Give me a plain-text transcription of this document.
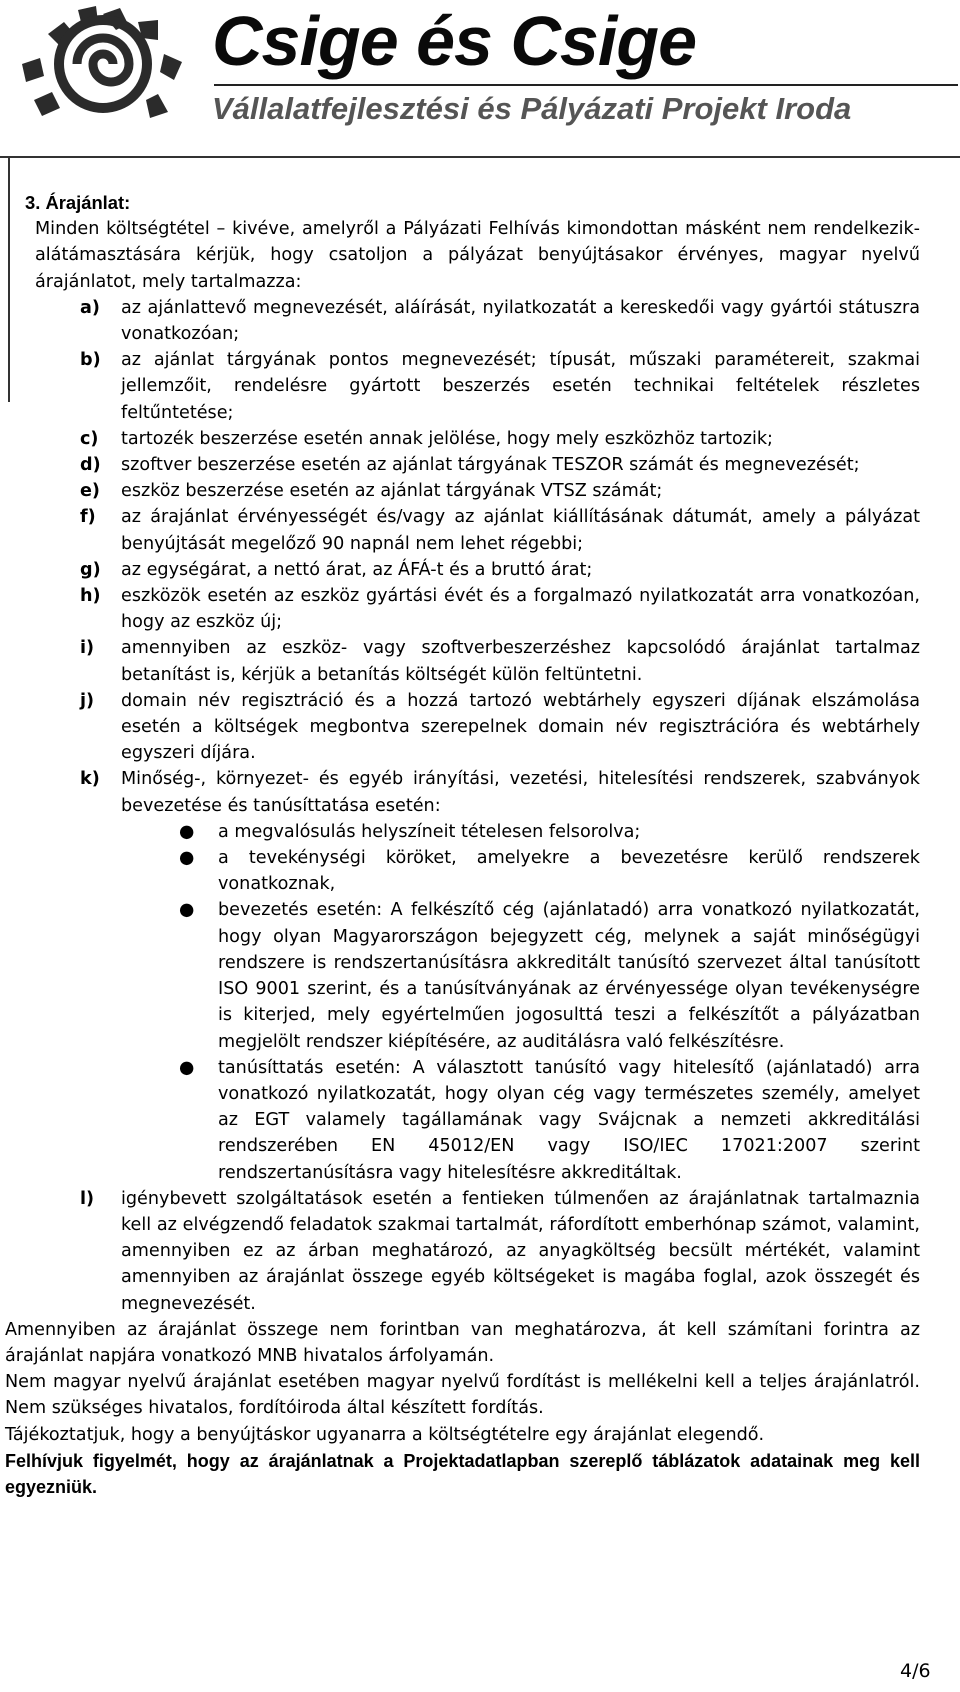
Csige és Csige
Vállalatfejlesztési és Pályázati Projekt Iroda
3. Árajánlat:

Minden költségtétel – kivéve, amelyről a Pályázati Felhívás kimondottan másként nem rendelkezik- alátámasztására kérjük, hogy csatoljon a pályázat benyújtásakor érvényes, magyar nyelvű árajánlatot, mely tartalmazza:

a) az ajánlattevő megnevezését, aláírását, nyilatkozatát a kereskedői vagy gyártói státuszra vonatkozóan;
b) az ajánlat tárgyának pontos megnevezését; típusát, műszaki paramétereit, szakmai jellemzőit, rendelésre gyártott beszerzés esetén technikai feltételek részletes feltűntetése;
c) tartozék beszerzése esetén annak jelölése, hogy mely eszközhöz tartozik;
d) szoftver beszerzése esetén az ajánlat tárgyának TESZOR számát és megnevezését;
e) eszköz beszerzése esetén az ajánlat tárgyának VTSZ számát;
f) az árajánlat érvényességét és/vagy az ajánlat kiállításának dátumát, amely a pályázat benyújtását megelőző 90 napnál nem lehet régebbi;
g) az egységárat, a nettó árat, az ÁFÁ-t és a bruttó árat;
h) eszközök esetén az eszköz gyártási évét és a forgalmazó nyilatkozatát arra vonatkozóan, hogy az eszköz új;
i) amennyiben az eszköz- vagy szoftverbeszerzéshez kapcsolódó árajánlat tartalmaz betanítást is, kérjük a betanítás költségét külön feltüntetni.
j) domain név regisztráció és a hozzá tartozó webtárhely egyszeri díjának elszámolása esetén a költségek megbontva szerepelnek domain név regisztrációra és webtárhely egyszeri díjára.
k) Minőség-, környezet- és egyéb irányítási, vezetési, hitelesítési rendszerek, szabványok bevezetése és tanúsíttatása esetén:
● a megvalósulás helyszíneit tételesen felsorolva;
● a tevekénységi köröket, amelyekre a bevezetésre kerülő rendszerek vonatkoznak,
● bevezetés esetén: A felkészítő cég (ajánlatadó) arra vonatkozó nyilatkozatát, hogy olyan Magyarországon bejegyzett cég, melynek a saját minőségügyi rendszere is rendszertanúsításra akkreditált tanúsító szervezet által tanúsított ISO 9001 szerint, és a tanúsítványának az érvényessége olyan tevékenységre is kiterjed, mely egyértelműen jogosulttá teszi a felkészítőt a pályázatban megjelölt rendszer kiépítésére, az auditálásra való felkészítésre.
● tanúsíttatás esetén: A választott tanúsító vagy hitelesítő (ajánlatadó) arra vonatkozó nyilatkozatát, hogy olyan cég vagy természetes személy, amelyet az EGT valamely tagállamának vagy Svájcnak a nemzeti akkreditálási rendszerében EN 45012/EN vagy ISO/IEC 17021:2007 szerint rendszertanúsításra vagy hitelesítésre akkreditáltak.
l) igénybevett szolgáltatások esetén a fentieken túlmenően az árajánlatnak tartalmaznia kell az elvégzendő feladatok szakmai tartalmát, ráfordított emberhónap számot, valamint, amennyiben ez az árban meghatározó, az anyagköltség becsült mértékét, valamint amennyiben az árajánlat összege egyéb költségeket is magába foglal, azok összegét és megnevezését.

Amennyiben az árajánlat összege nem forintban van meghatározva, át kell számítani forintra az árajánlat napjára vonatkozó MNB hivatalos árfolyamán.

Nem magyar nyelvű árajánlat esetében magyar nyelvű fordítást is mellékelni kell a teljes árajánlatról. Nem szükséges hivatalos, fordítóiroda által készített fordítás.

Tájékoztatjuk, hogy a benyújtáskor ugyanarra a költségtételre egy árajánlat elegendő.

Felhívjuk figyelmét, hogy az árajánlatnak a Projektadatlapban szereplő táblázatok adatainak meg kell egyezniük.

4/6
